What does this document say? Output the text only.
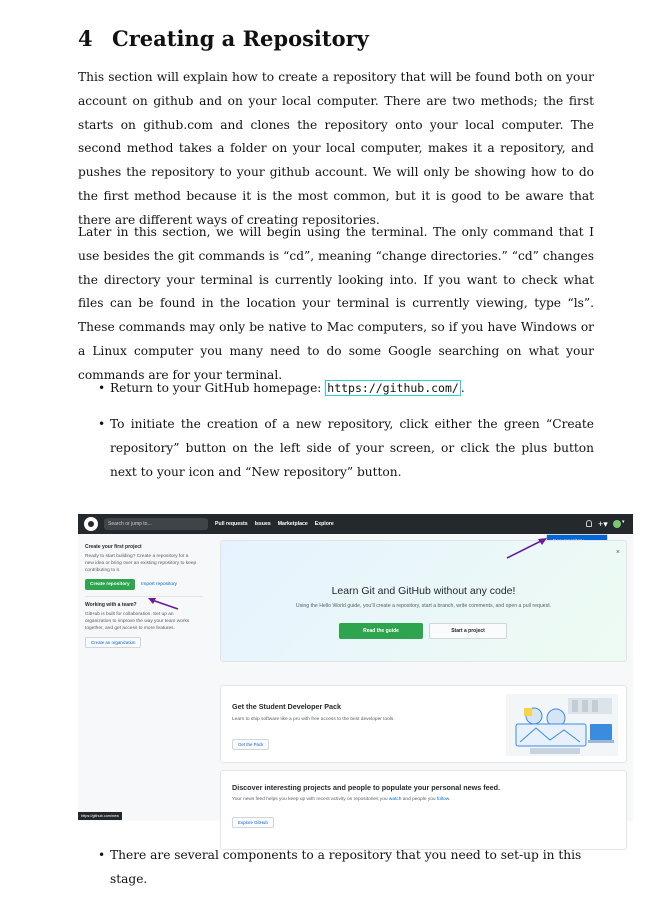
4 Creating a Repository
This section will explain how to create a repository that will be found both on your account on github and on your local computer. There are two methods; the first starts on github.com and clones the repository onto your local computer. The second method takes a folder on your local computer, makes it a repository, and pushes the repository to your github account. We will only be showing how to do the first method because it is the most common, but it is good to be aware that there are different ways of creating repositories.
Later in this section, we will begin using the terminal. The only command that I use besides the git commands is “cd”, meaning “change directories.” “cd” changes the directory your terminal is currently looking into. If you want to check what files can be found in the location your terminal is currently viewing, type “ls”. These commands may only be native to Mac computers, so if you have Windows or a Linux computer you many need to do some Google searching on what your commands are for your terminal.
• Return to your GitHub homepage: https://github.com/ .
• To initiate the creation of a new repository, click either the green “Create repository” button on the left side of your screen, or click the plus button next to your icon and “New repository” button.
Search or jump to...	Pull requests Issues Marketplace Explore	+▾	▾
Create your first project
Ready to start building? Create a repository for a new idea or bring over an existing repository to keep contributing to it.
Create repository Import repository
Working with a team?
GitHub is built for collaboration. Set up an organization to improve the way your team works together, and get access to more features.
Create an organization
×
Learn Git and GitHub without any code!
Using the Hello World guide, you’ll create a repository, start a branch, write comments, and open a pull request.
Read the guide	Start a project
Get the Student Developer Pack
Learn to ship software like a pro with free access to the best developer tools.
Get the Pack
Discover interesting projects and people to populate your personal news feed.
Your news feed helps you keep up with recent activity on repositories you watch and people you follow.
Explore GitHub
https://github.com/new
• There are several components to a repository that you need to set-up in this stage.
